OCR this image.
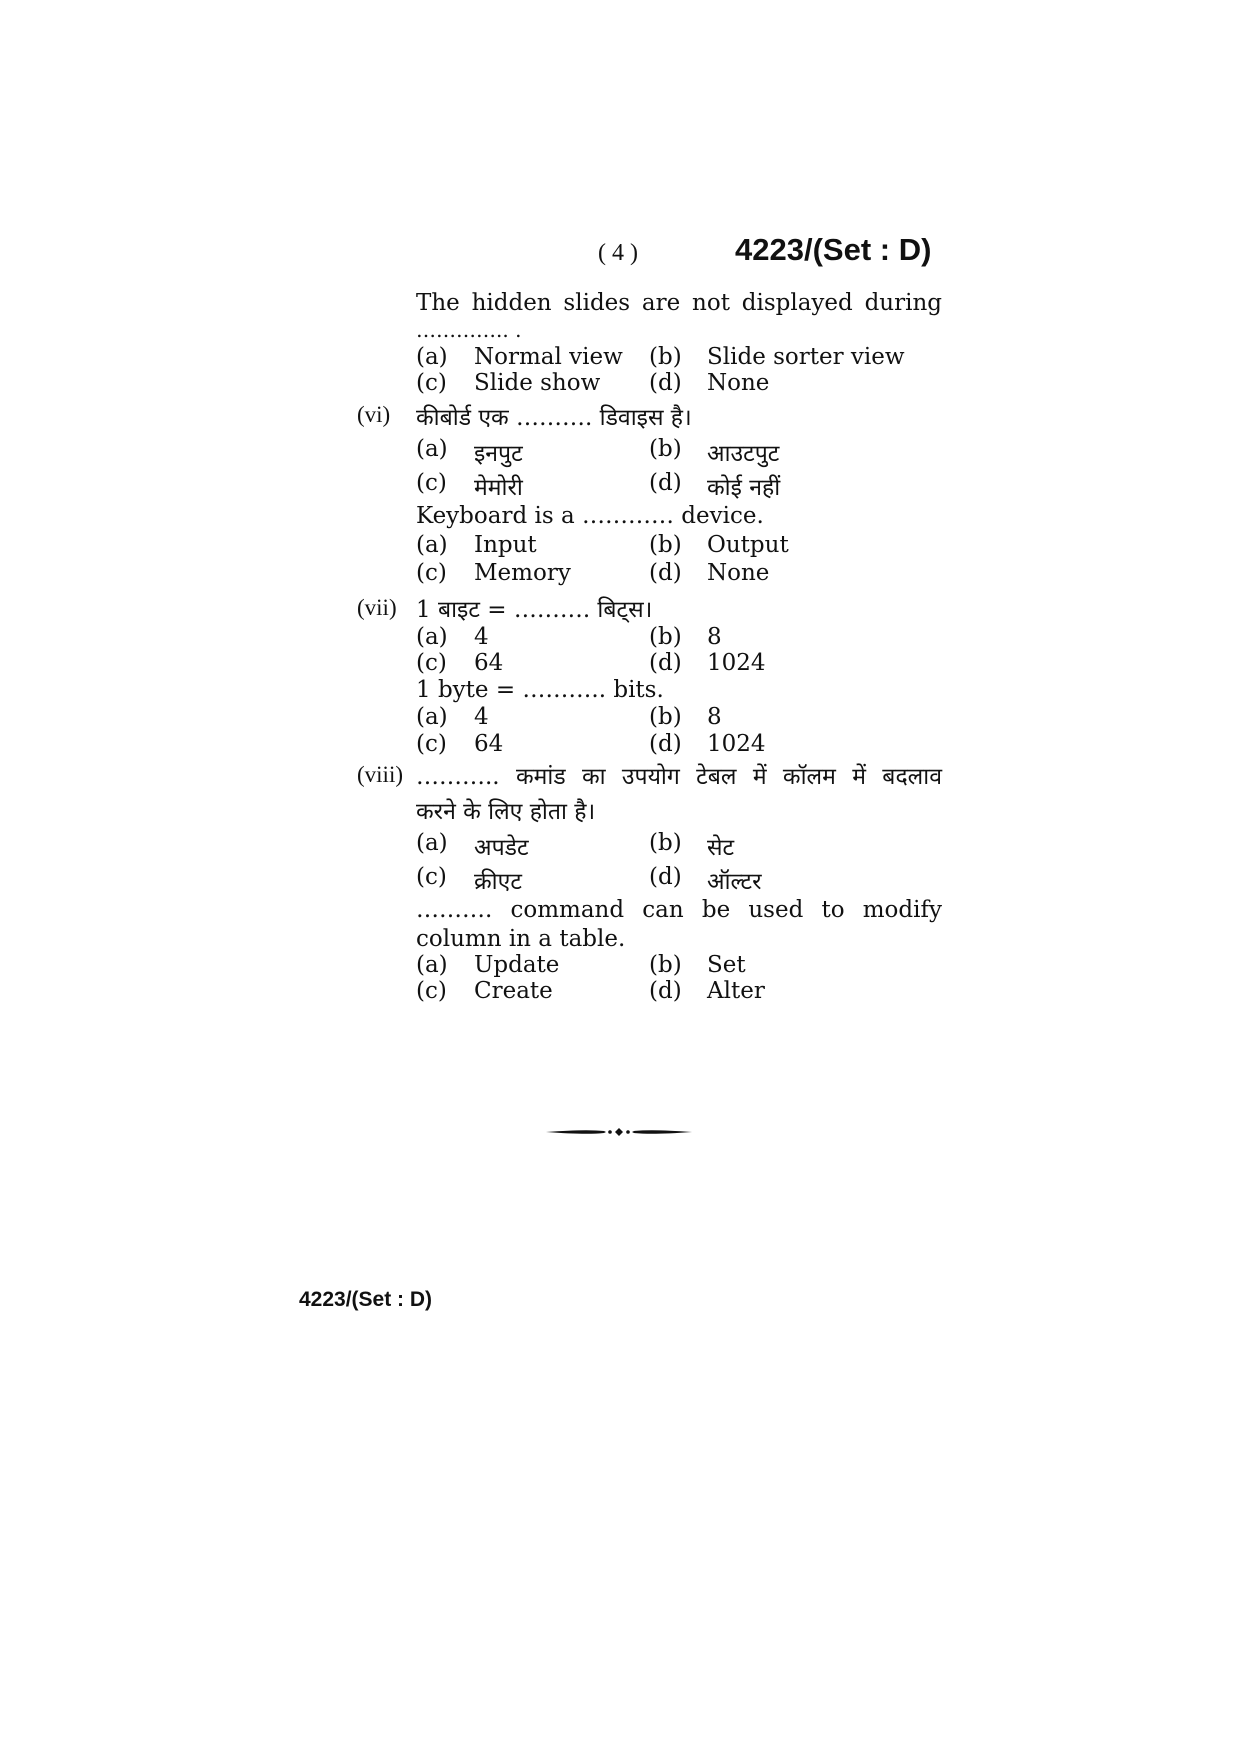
( 4 )	4223/(Set : D)
The hidden slides are not displayed during
………….. .
(a) Normal view (b) Slide sorter view
(c) Slide show (d) None
(vi) कीबोर्ड एक ………. डिवाइस है।
(a) इनपुट	(b) आउटपुट
(c) मेमोरी	(d) कोई नहीं
Keyboard is a ………… device.
(a) Input	(b) Output
(c) Memory	(d) None
(vii) 1 बाइट = ………. बिट्स।
(a) 4	(b) 8
(c) 64	(d) 1024
1 byte = ……….. bits.
(a) 4	(b) 8
(c) 64	(d) 1024
(viii) ……….. कमांड का उपयोग टेबल में कॉलम में बदलाव
करने के लिए होता है।
(a) अपडेट	(b) सेट
(c) क्रीएट	(d) ऑल्टर
………. command can be used to modify
column in a table.
(a) Update	(b) Set
(c) Create	(d) Alter
4223/(Set : D)
